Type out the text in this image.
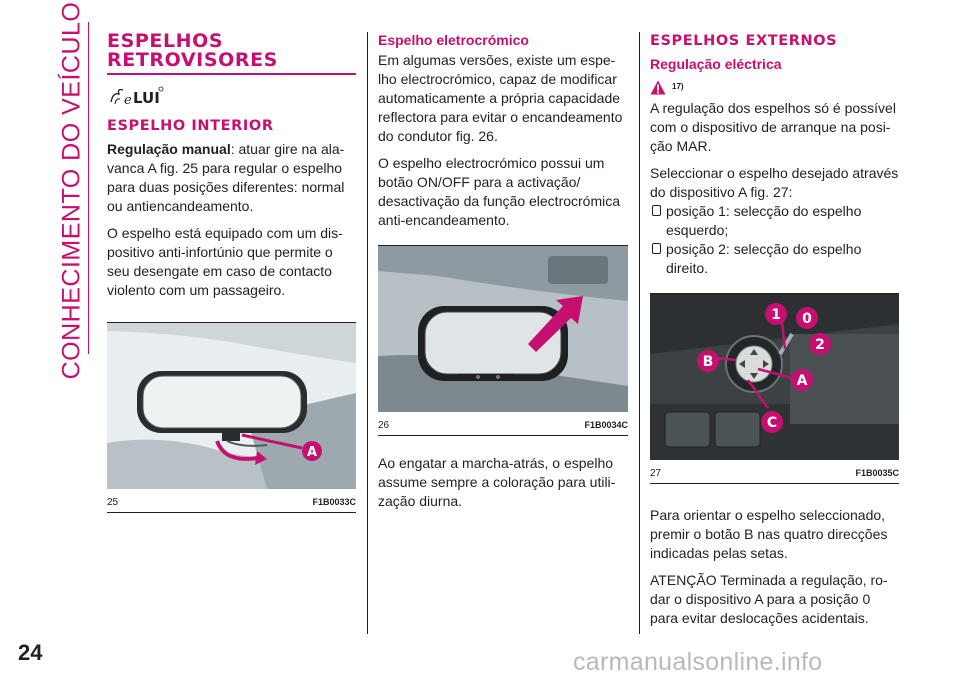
CONHECIMENTO DO VEÍCULO ESPELHOS
RETROVISORES
e LUI
ESPELHO INTERIOR

Regulação manual: atuar gire na ala-vanca A fig. 25 para regular o espelho para duas posições diferentes: normal ou antiencandeamento.

O espelho está equipado com um dis-positivo anti-infortúnio que permite o seu desengate em caso de contacto violento com um passageiro.

A
25	F1B0033C
Espelho eletrocrómico

Em algumas versões, existe um espe-lho electrocrómico, capaz de modificar automaticamente a própria capacidade reflectora para evitar o encandeamento do condutor fig. 26.

O espelho electrocrómico possui um botão ON/OFF para a activação/ desactivação da função electrocrómica anti-encandeamento.

26	F1B0034C

Ao engatar a marcha-atrás, o espelho assume sempre a coloração para utili-zação diurna.

ESPELHOS EXTERNOS
Regulação eléctrica
17)

A regulação dos espelhos só é possível com o dispositivo de arranque na posi-ção MAR.

Seleccionar o espelho desejado através do dispositivo A fig. 27:

posição 1: selecção do espelho esquerdo;
posição 2: selecção do espelho direito.
1 0
2
B
A
C
27	F1B0035C

Para orientar o espelho seleccionado, premir o botão B nas quatro direcções indicadas pelas setas.

ATENÇÃO Terminada a regulação, ro-dar o dispositivo A para a posição 0 para evitar deslocações acidentais.

24	carmanualsonline.info
